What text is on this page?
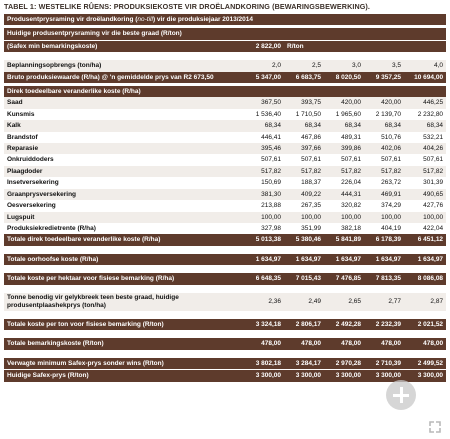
TABEL 1: WESTELIKE RÛENS: PRODUKSIEKOSTE VIR DROËLANDKORING (BEWARINGSBEWERKING).
Produsentprysraming vir droëlandkoring (no-till) vir die produksiejaar 2013/2014					

Huidige produsentprysraming vir die beste graad (R/ton)					
(Safex min bemarkingskoste)	2 822,00	R/ton			

Beplanningsopbrengs (ton/ha)	2,0	2,5	3,0	3,5	4,0
Bruto produksiewaarde (R/ha) @ 'n gemiddelde prys van R2 673,50	5 347,00	6 683,75	8 020,50	9 357,25	10 694,00

Direk toedeelbare veranderlike koste (R/ha)					
Saad	367,50	393,75	420,00	420,00	446,25
Kunsmis	1 536,40	1 710,50	1 965,60	2 139,70	2 232,80
Kalk	68,34	68,34	68,34	68,34	68,34
Brandstof	446,41	467,86	489,31	510,76	532,21
Reparasie	395,46	397,66	399,86	402,06	404,26
Onkruiddoders	507,61	507,61	507,61	507,61	507,61
Plaagdoder	517,82	517,82	517,82	517,82	517,82
Insetversekering	150,69	188,37	226,04	263,72	301,39
Graanprysversekering	381,30	409,22	444,31	469,91	490,65
Oesversekering	213,88	267,35	320,82	374,29	427,76
Lugspuit	100,00	100,00	100,00	100,00	100,00
Produksiekredietrente (R/ha)	327,98	351,99	382,18	404,19	422,04
Totale direk toedeelbare veranderlike koste (R/ha)	5 013,38	5 380,46	5 841,89	6 178,39	6 451,12

Totale oorhoofse koste (R/ha)	1 634,97	1 634,97	1 634,97	1 634,97	1 634,97

Totale koste per hektaar voor fisiese bemarking (R/ha)	6 648,35	7 015,43	7 476,85	7 813,35	8 086,08

Tonne benodig vir gelykbreek teen beste graad, huidige produsentplaashekprys (ton/ha)	2,36	2,49	2,65	2,77	2,87

Totale koste per ton voor fisiese bemarking (R/ton)	3 324,18	2 806,17	2 492,28	2 232,39	2 021,52

Totale bemarkingskoste (R/ton)	478,00	478,00	478,00	478,00	478,00

Verwagte minimum Safex-prys sonder wins (R/ton)	3 802,18	3 284,17	2 970,28	2 710,39	2 499,52
Huidige Safex-prys (R/ton)	3 300,00	3 300,00	3 300,00	3 300,00	3 300,00
